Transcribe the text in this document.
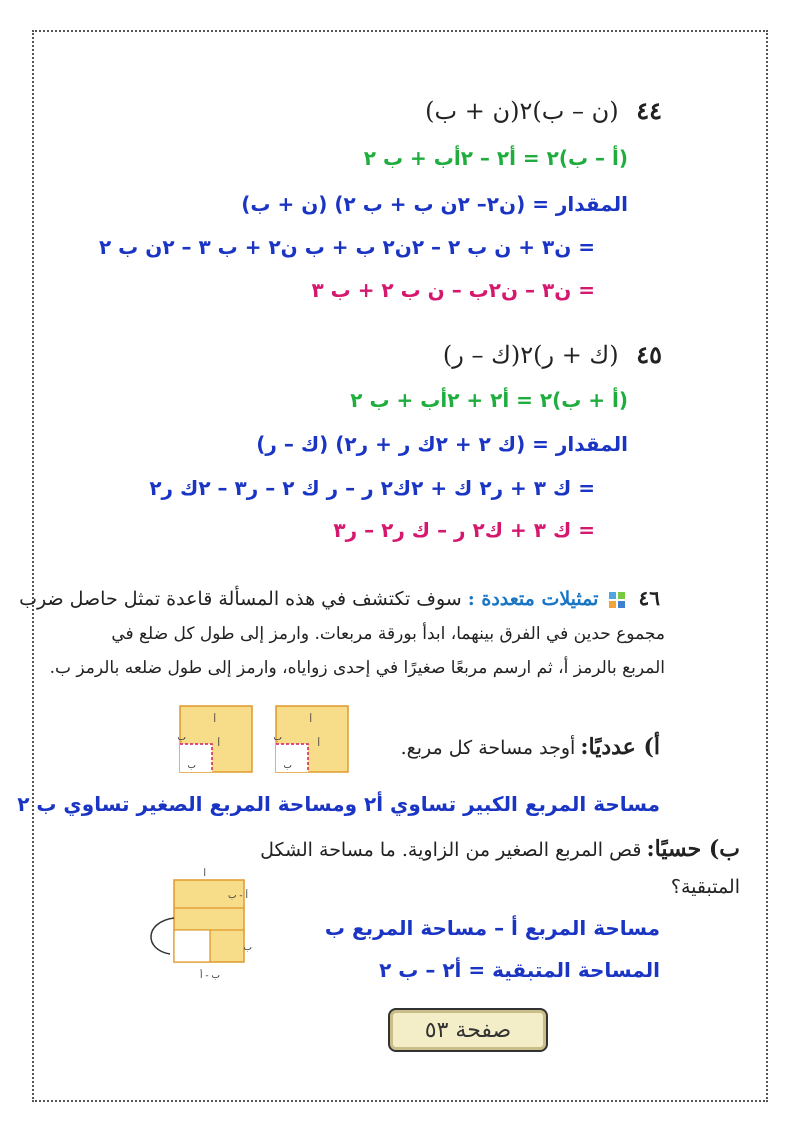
٤٤ (ن – ب)٢(ن + ب)
(أ – ب)٢ = أ٢ – ٢أب + ب ٢
المقدار = (ن٢– ٢ن ب + ب ٢) (ن + ب)
= ن٣ + ن ب ٢ – ٢ن٢ ب + ب ن٢ + ب ٣ – ٢ن ب ٢
= ن٣ – ن٢ب – ن ب ٢ + ب ٣
٤٥ (ك + ر)٢(ك – ر)
(أ + ب)٢ = أ٢ + ٢أب + ب ٢
المقدار = (ك ٢ + ٢ك ر + ر٢) (ك – ر)
= ك ٣ + ر٢ ك + ٢ك٢ ر – ر ك ٢ – ر٣ – ٢ك ر٢
= ك ٣ + ك٢ ر – ك ر٢ – ر٣
٤٦  تمثيلات متعددة : سوف تكتشف في هذه المسألة قاعدة تمثل حاصل ضرب
مجموع حدين في الفرق بينهما، ابدأ بورقة مربعات. وارمز إلى طول كل ضلع في
المربع بالرمز أ، ثم ارسم مربعًا صغيرًا في إحدى زواياه، وارمز إلى طول ضلعه بالرمز ب.
أ
أ
ب
ب
أ
أ
ب
ب
أ) عدديًا: أوجد مساحة كل مربع.
مساحة المربع الكبير تساوي أ٢ ومساحة المربع الصغير تساوي ب ٢
ب) حسيًا: قص المربع الصغير من الزاوية. ما مساحة الشكل
المتبقية؟
مساحة المربع أ – مساحة المربع ب
المساحة المتبقية = أ٢ – ب ٢
أ
أ - ب
ب
ب - أ
صفحة ٥٣
